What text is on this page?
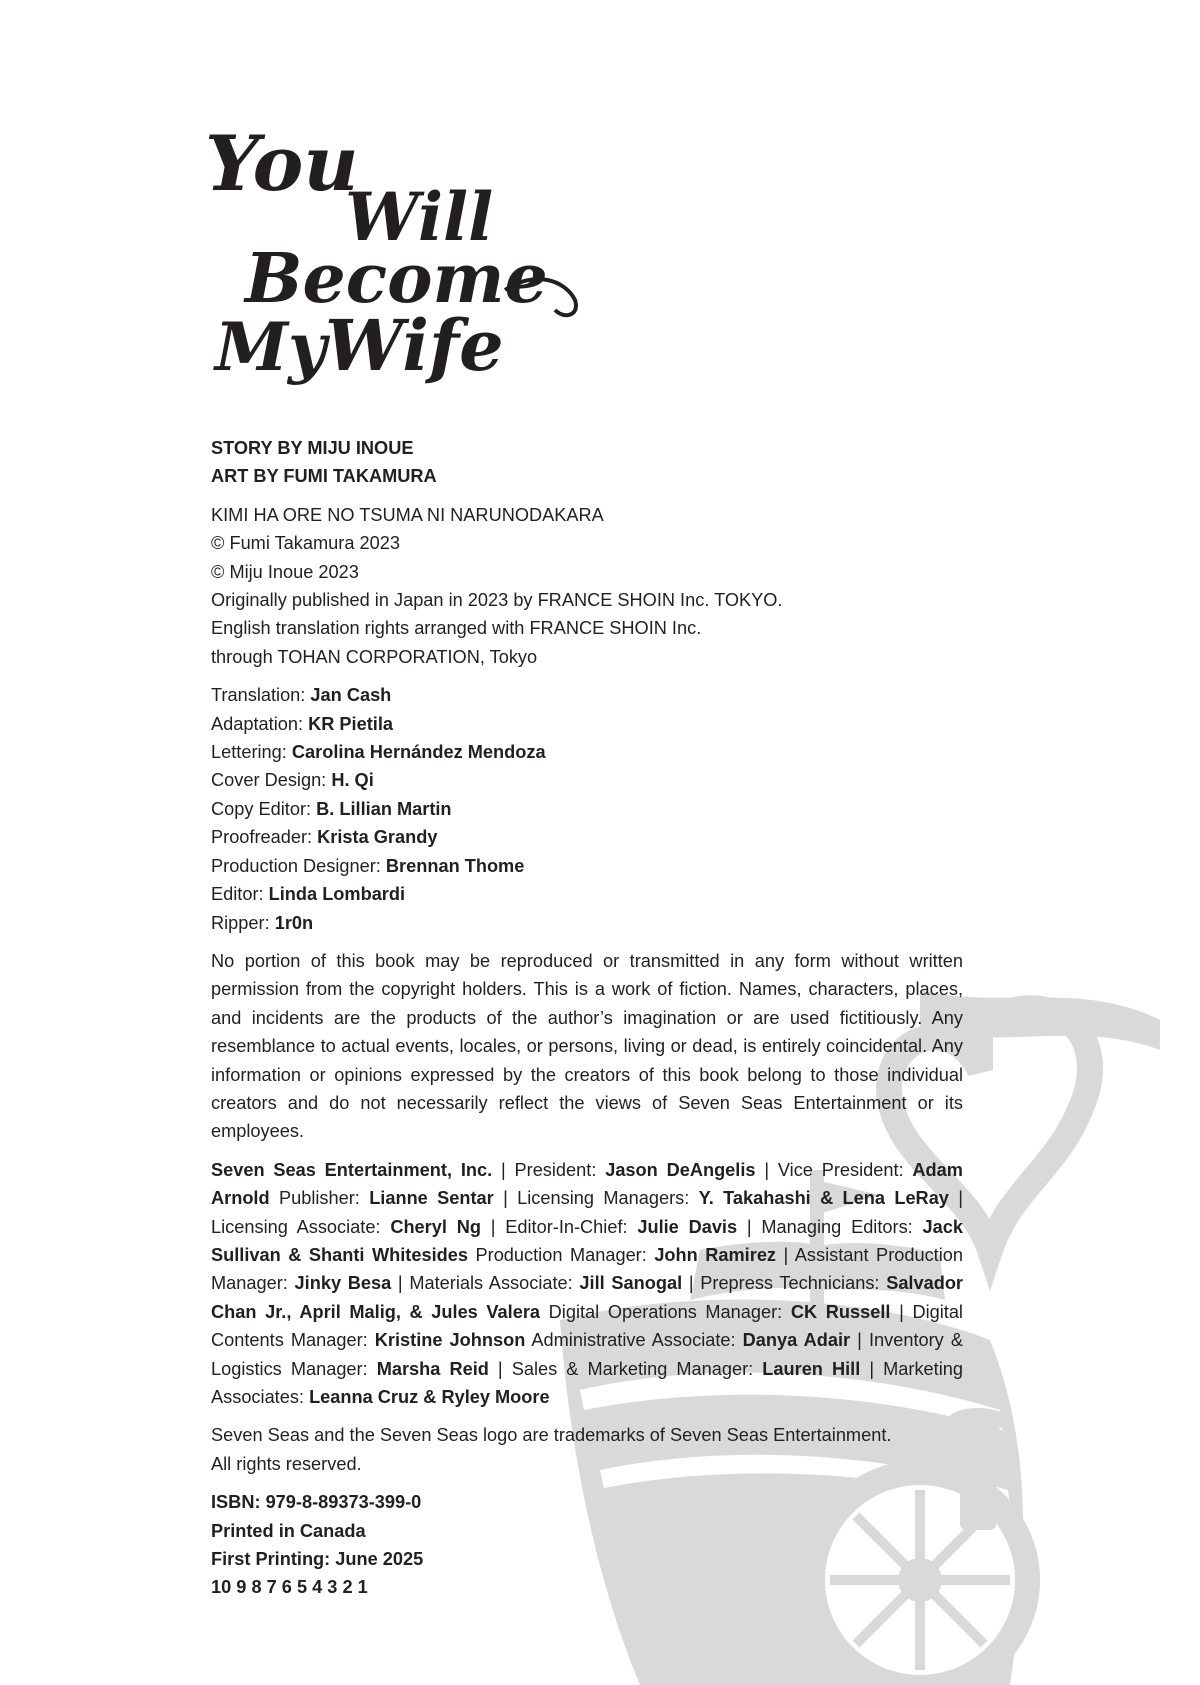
You
Will
Become
My
Wife

STORY BY MIJU INOUE

ART BY FUMI TAKAMURA

KIMI HA ORE NO TSUMA NI NARUNODAKARA

© Fumi Takamura 2023

© Miju Inoue 2023

Originally published in Japan in 2023 by FRANCE SHOIN Inc. TOKYO.

English translation rights arranged with FRANCE SHOIN Inc.

through TOHAN CORPORATION, Tokyo

Translation: Jan Cash

Adaptation: KR Pietila

Lettering: Carolina Hernández Mendoza

Cover Design: H. Qi

Copy Editor: B. Lillian Martin

Proofreader: Krista Grandy

Production Designer: Brennan Thome

Editor: Linda Lombardi

Ripper: 1r0n

No portion of this book may be reproduced or transmitted in any form without written permission from the copyright holders. This is a work of fiction. Names, characters, places, and incidents are the products of the author’s imagination or are used fictitiously. Any resemblance to actual events, locales, or persons, living or dead, is entirely coincidental. Any information or opinions expressed by the creators of this book belong to those individual creators and do not necessarily reflect the views of Seven Seas Entertainment or its employees.

Seven Seas Entertainment, Inc. | President: Jason DeAngelis | Vice President: Adam Arnold Publisher: Lianne Sentar | Licensing Managers: Y. Takahashi & Lena LeRay | Licensing Associate: Cheryl Ng | Editor-In-Chief: Julie Davis | Managing Editors: Jack Sullivan & Shanti Whitesides Production Manager: John Ramirez | Assistant Production Manager: Jinky Besa | Materials Associate: Jill Sanogal | Prepress Technicians: Salvador Chan Jr., April Malig, & Jules Valera Digital Operations Manager: CK Russell | Digital Contents Manager: Kristine Johnson Administrative Associate: Danya Adair | Inventory & Logistics Manager: Marsha Reid | Sales & Marketing Manager: Lauren Hill | Marketing Associates: Leanna Cruz & Ryley Moore

Seven Seas and the Seven Seas logo are trademarks of Seven Seas Entertainment.

All rights reserved.

ISBN: 979-8-89373-399-0

Printed in Canada

First Printing: June 2025

10 9 8 7 6 5 4 3 2 1
